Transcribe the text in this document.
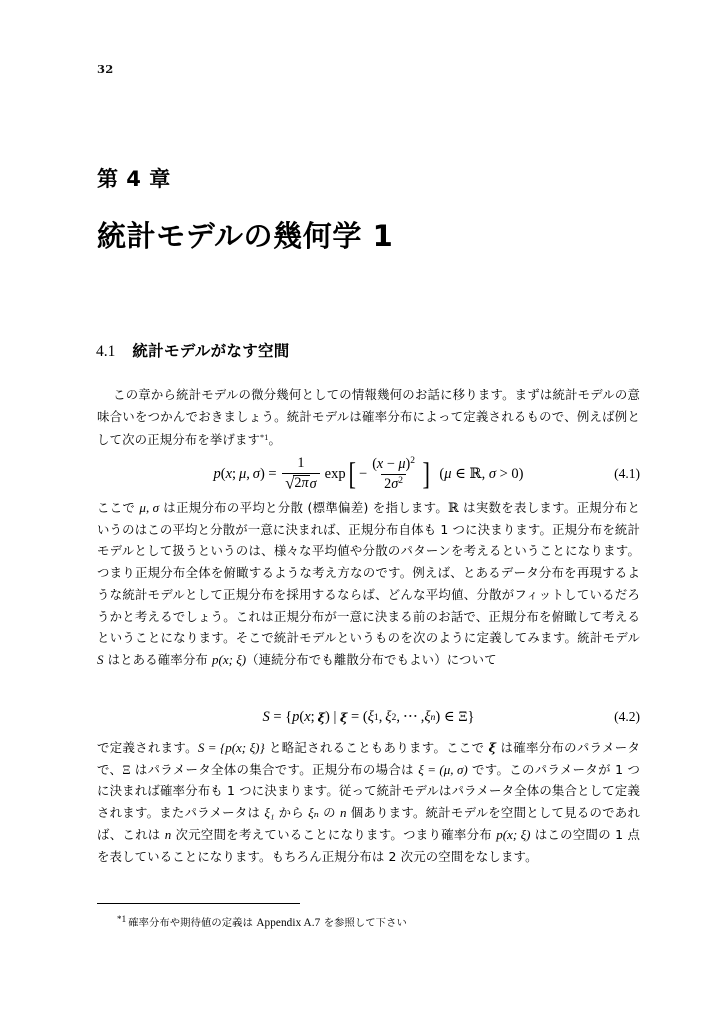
32
第 4 章
統計モデルの幾何学 1
4.1 統計モデルがなす空間

この章から統計モデルの微分幾何としての情報幾何のお話に移ります。まずは統計モデルの意味合いをつかんでおきましょう。統計モデルは確率分布によって定義されるもので、例えば例として次の正規分布を挙げます$^{*1}$。

p ( x ;  μ ,  σ ) = $\frac{1}{\text{√ 2π σ}}$ exp [ − $\frac{(x - \mu)^2}{2\sigma^2}$ ] (μ ∈ ℝ, σ > 0)	(4.1)

ここで μ, σ は正規分布の平均と分散 (標準偏差) を指します。ℝ は実数を表します。正規分布というのはこの平均と分散が一意に決まれば、正規分布自体も 1 つに決まります。正規分布を統計モデルとして扱うというのは、様々な平均値や分散のパターンを考えるということになります。つまり正規分布全体を俯瞰するような考え方なのです。例えば、とあるデータ分布を再現するような統計モデルとして正規分布を採用するならば、どんな平均値、分散がフィットしているだろうかと考えるでしょう。これは正規分布が一意に決まる前のお話で、正規分布を俯瞰して考えるということになります。そこで統計モデルというものを次のように定義してみます。統計モデル S はとある確率分布 p(x; ξ)（連続分布でも離散分布でもよい）について

S = { p ( x ;  ξ ) | ξ = ( ξ 1 ,  ξ 2 , ⋅⋅⋅ , ξ n ) ∈ Ξ }	(4.2)

で定義されます。S = {p(x; ξ)} と略記されることもあります。ここで ξ は確率分布のパラメータで、Ξ はパラメータ全体の集合です。正規分布の場合は ξ = (μ, σ) です。このパラメータが 1 つに決まれば確率分布も 1 つに決まります。従って統計モデルはパラメータ全体の集合として定義されます。またパラメータは ξ₁ から ξₙ の n 個あります。統計モデルを空間として見るのであれば、これは n 次元空間を考えていることになります。つまり確率分布 p(x; ξ) はこの空間の 1 点を表していることになります。もちろん正規分布は 2 次元の空間をなします。

*1 確率分布や期待値の定義は Appendix A.7 を参照して下さい
